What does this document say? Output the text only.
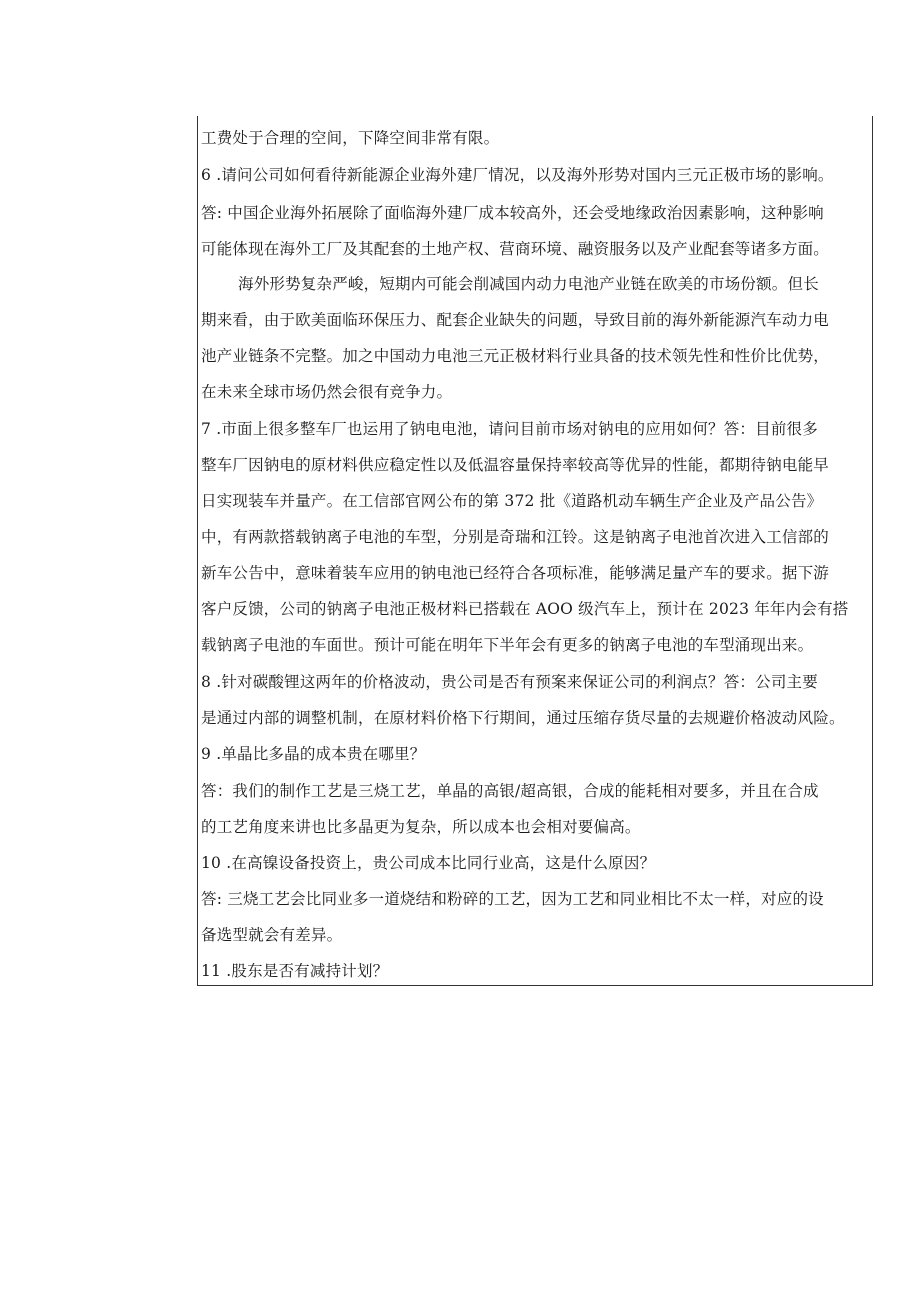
工费处于合理的空间，下降空间非常有限。
6 .请问公司如何看待新能源企业海外建厂情况，以及海外形势对国内三元正极市场的影响。
答: 中国企业海外拓展除了面临海外建厂成本较高外，还会受地缘政治因素影响，这种影响
可能体现在海外工厂及其配套的土地产权、营商环境、融资服务以及产业配套等诸多方面。
海外形势复杂严峻，短期内可能会削减国内动力电池产业链在欧美的市场份额。但长
期来看，由于欧美面临环保压力、配套企业缺失的问题，导致目前的海外新能源汽车动力电
池产业链条不完整。加之中国动力电池三元正极材料行业具备的技术领先性和性价比优势，
在未来全球市场仍然会很有竞争力。
7 .市面上很多整车厂也运用了钠电电池，请问目前市场对钠电的应用如何？答：目前很多
整车厂因钠电的原材料供应稳定性以及低温容量保持率较高等优异的性能，都期待钠电能早
日实现装车并量产。在工信部官网公布的第 372 批《道路机动车辆生产企业及产品公告》
中，有两款搭载钠离子电池的车型，分别是奇瑞和江铃。这是钠离子电池首次进入工信部的
新车公告中，意味着装车应用的钠电池已经符合各项标准，能够满足量产车的要求。据下游
客户反馈，公司的钠离子电池正极材料已搭载在 AOO 级汽车上，预计在 2023 年年内会有搭
载钠离子电池的车面世。预计可能在明年下半年会有更多的钠离子电池的车型涌现出来。
8 .针对碳酸锂这两年的价格波动，贵公司是否有预案来保证公司的利润点？答：公司主要
是通过内部的调整机制，在原材料价格下行期间，通过压缩存货尽量的去规避价格波动风险。
9 .单晶比多晶的成本贵在哪里？
答：我们的制作工艺是三烧工艺，单晶的高银/超高银，合成的能耗相对要多，并且在合成
的工艺角度来讲也比多晶更为复杂，所以成本也会相对要偏高。
10 .在高镍设备投资上，贵公司成本比同行业高，这是什么原因？
答: 三烧工艺会比同业多一道烧结和粉碎的工艺，因为工艺和同业相比不太一样，对应的设
备选型就会有差异。
11 .股东是否有减持计划？
